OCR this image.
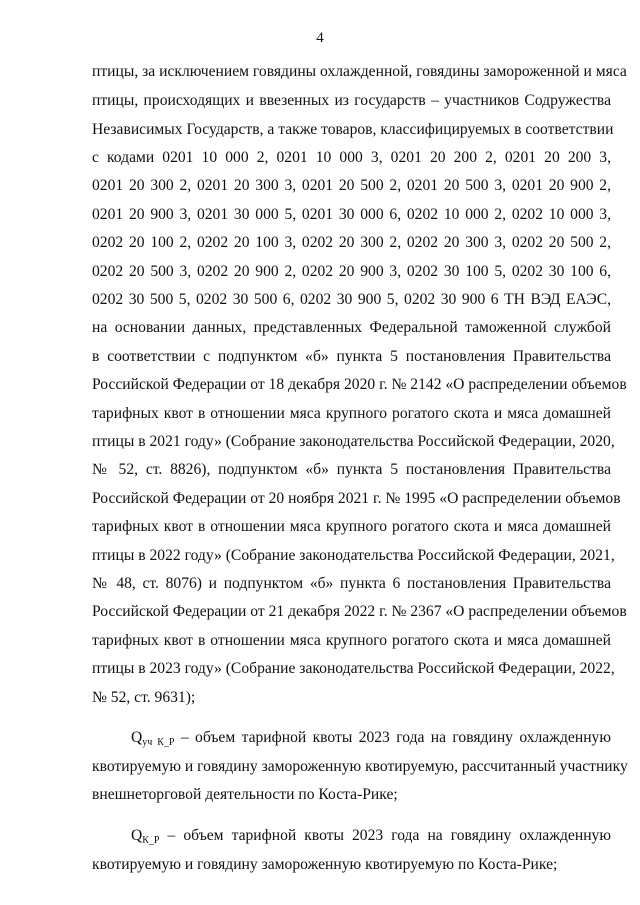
4
птицы, за исключением говядины охлажденной, говядины замороженной и мяса
птицы, происходящих и ввезенных из государств – участников Содружества
Независимых Государств, а также товаров, классифицируемых в соответствии
с кодами 0201 10 000 2, 0201 10 000 3, 0201 20 200 2, 0201 20 200 3,
0201 20 300 2, 0201 20 300 3, 0201 20 500 2, 0201 20 500 3, 0201 20 900 2,
0201 20 900 3, 0201 30 000 5, 0201 30 000 6, 0202 10 000 2, 0202 10 000 3,
0202 20 100 2, 0202 20 100 3, 0202 20 300 2, 0202 20 300 3, 0202 20 500 2,
0202 20 500 3, 0202 20 900 2, 0202 20 900 3, 0202 30 100 5, 0202 30 100 6,
0202 30 500 5, 0202 30 500 6, 0202 30 900 5, 0202 30 900 6 ТН ВЭД ЕАЭС,
на основании данных, представленных Федеральной таможенной службой
в соответствии с подпунктом «б» пункта 5 постановления Правительства
Российской Федерации от 18 декабря 2020 г. № 2142 «О распределении объемов
тарифных квот в отношении мяса крупного рогатого скота и мяса домашней
птицы в 2021 году» (Собрание законодательства Российской Федерации, 2020,
№ 52, ст. 8826), подпунктом «б» пункта 5 постановления Правительства
Российской Федерации от 20 ноября 2021 г. № 1995 «О распределении объемов
тарифных квот в отношении мяса крупного рогатого скота и мяса домашней
птицы в 2022 году» (Собрание законодательства Российской Федерации, 2021,
№ 48, ст. 8076) и подпунктом «б» пункта 6 постановления Правительства
Российской Федерации от 21 декабря 2022 г. № 2367 «О распределении объемов
тарифных квот в отношении мяса крупного рогатого скота и мяса домашней
птицы в 2023 году» (Собрание законодательства Российской Федерации, 2022,
№ 52, ст. 9631);
$Q_{уч К\_Р}$ – объем тарифной квоты 2023 года на говядину охлажденную
квотируемую и говядину замороженную квотируемую, рассчитанный участнику
внешнеторговой деятельности по Коста-Рике;
$Q_{К\_Р}$ – объем тарифной квоты 2023 года на говядину охлажденную
квотируемую и говядину замороженную квотируемую по Коста-Рике;
